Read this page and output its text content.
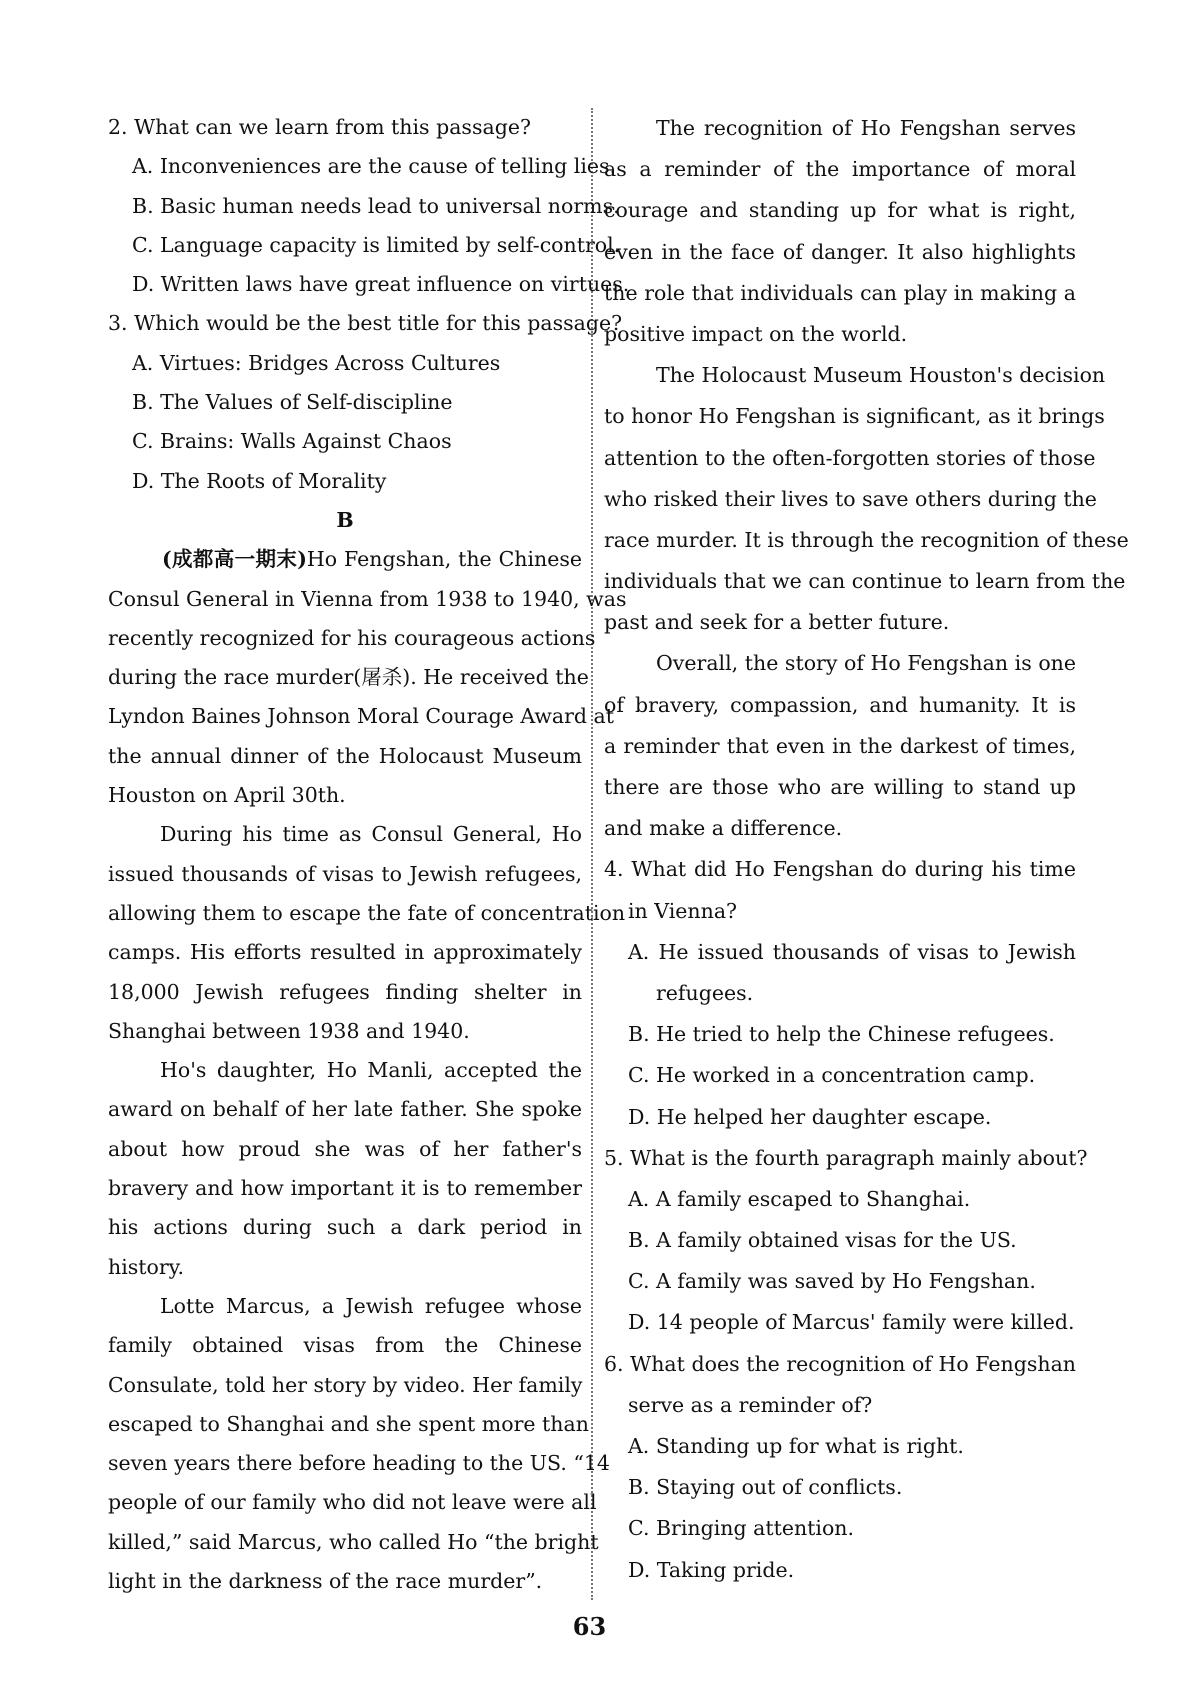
2. What can we learn from this passage?
A. Inconveniences are the cause of telling lies.
B. Basic human needs lead to universal norms.
C. Language capacity is limited by self-control.
D. Written laws have great influence on virtues.
3. Which would be the best title for this passage?
A. Virtues: Bridges Across Cultures
B. The Values of Self-discipline
C. Brains: Walls Against Chaos
D. The Roots of Morality
B
(成都高一期末)Ho Fengshan, the Chinese
Consul General in Vienna from 1938 to 1940, was
recently recognized for his courageous actions
during the race murder(屠杀). He received the
Lyndon Baines Johnson Moral Courage Award at
the annual dinner of the Holocaust Museum
Houston on April 30th.
During his time as Consul General, Ho
issued thousands of visas to Jewish refugees,
allowing them to escape the fate of concentration
camps. His efforts resulted in approximately
18,000 Jewish refugees finding shelter in
Shanghai between 1938 and 1940.
Ho's daughter, Ho Manli, accepted the
award on behalf of her late father. She spoke
about how proud she was of her father's
bravery and how important it is to remember
his actions during such a dark period in
history.
Lotte Marcus, a Jewish refugee whose
family obtained visas from the Chinese
Consulate, told her story by video. Her family
escaped to Shanghai and she spent more than
seven years there before heading to the US. “14
people of our family who did not leave were all
killed,” said Marcus, who called Ho “the bright
light in the darkness of the race murder”.
The recognition of Ho Fengshan serves
as a reminder of the importance of moral
courage and standing up for what is right,
even in the face of danger. It also highlights
the role that individuals can play in making a
positive impact on the world.
The Holocaust Museum Houston's decision
to honor Ho Fengshan is significant, as it brings
attention to the often-forgotten stories of those
who risked their lives to save others during the
race murder. It is through the recognition of these
individuals that we can continue to learn from the
past and seek for a better future.
Overall, the story of Ho Fengshan is one
of bravery, compassion, and humanity. It is
a reminder that even in the darkest of times,
there are those who are willing to stand up
and make a difference.
4. What did Ho Fengshan do during his time
in Vienna?
A. He issued thousands of visas to Jewish
refugees.
B. He tried to help the Chinese refugees.
C. He worked in a concentration camp.
D. He helped her daughter escape.
5. What is the fourth paragraph mainly about?
A. A family escaped to Shanghai.
B. A family obtained visas for the US.
C. A family was saved by Ho Fengshan.
D. 14 people of Marcus' family were killed.
6. What does the recognition of Ho Fengshan
serve as a reminder of?
A. Standing up for what is right.
B. Staying out of conflicts.
C. Bringing attention.
D. Taking pride.
63
